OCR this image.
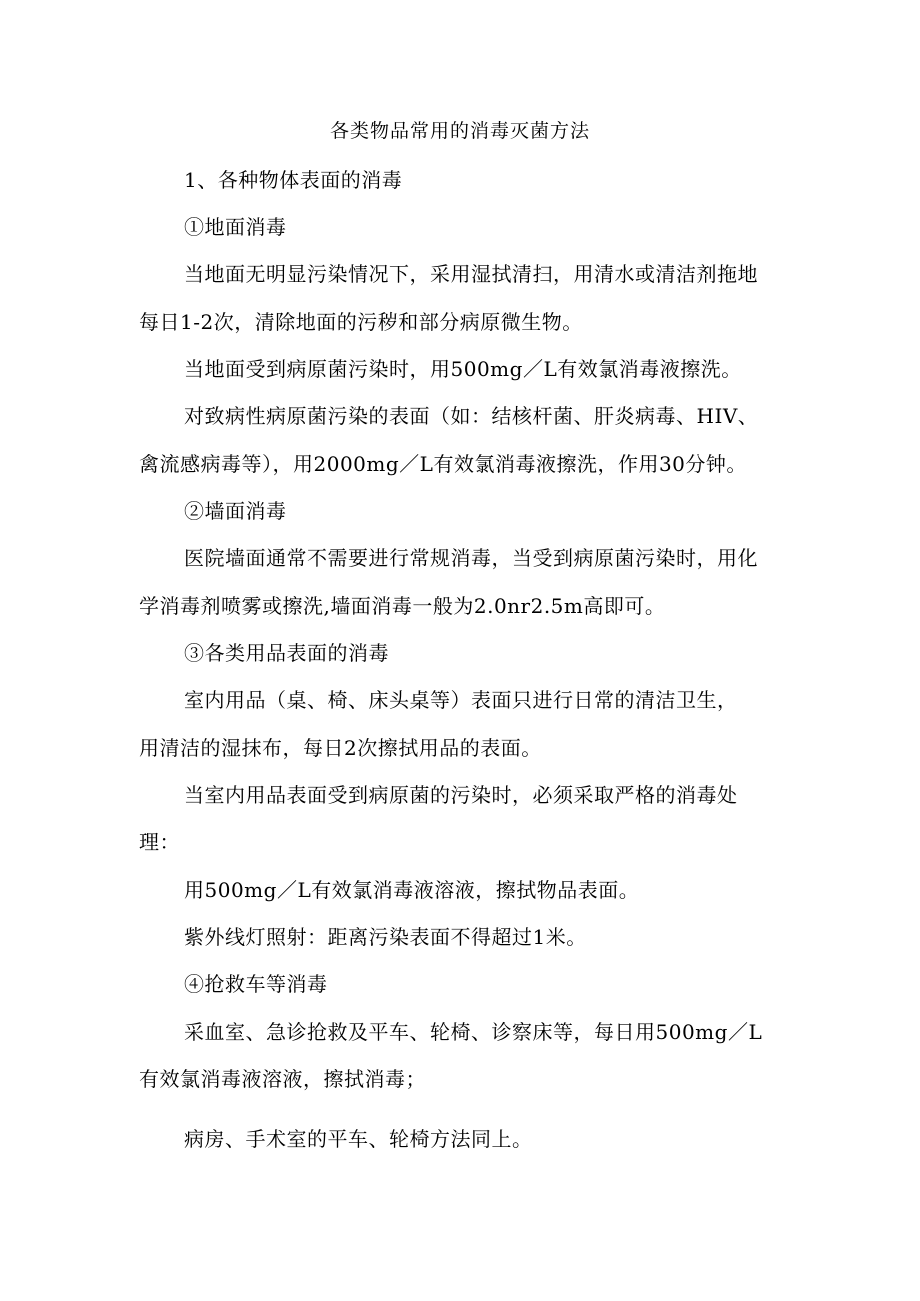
各类物品常用的消毒灭菌方法
1、各种物体表面的消毒
①地面消毒
当地面无明显污染情况下，采用湿拭清扫，用清水或清洁剂拖地
每日1-2次，清除地面的污秽和部分病原微生物。
当地面受到病原菌污染时，用500mg／L有效氯消毒液擦洗。
对致病性病原菌污染的表面（如：结核杆菌、肝炎病毒、HIV、
禽流感病毒等），用2000mg／L有效氯消毒液擦洗，作用30分钟。
②墙面消毒
医院墙面通常不需要进行常规消毒，当受到病原菌污染时，用化
学消毒剂喷雾或擦洗,墙面消毒一般为2.0nr2.5m高即可。
③各类用品表面的消毒
室内用品（桌、椅、床头桌等）表面只进行日常的清洁卫生，
用清洁的湿抹布，每日2次擦拭用品的表面。
当室内用品表面受到病原菌的污染时，必须采取严格的消毒处
理：
用500mg／L有效氯消毒液溶液，擦拭物品表面。
紫外线灯照射：距离污染表面不得超过1米。
④抢救车等消毒
采血室、急诊抢救及平车、轮椅、诊察床等，每日用500mg／L
有效氯消毒液溶液，擦拭消毒；
病房、手术室的平车、轮椅方法同上。
